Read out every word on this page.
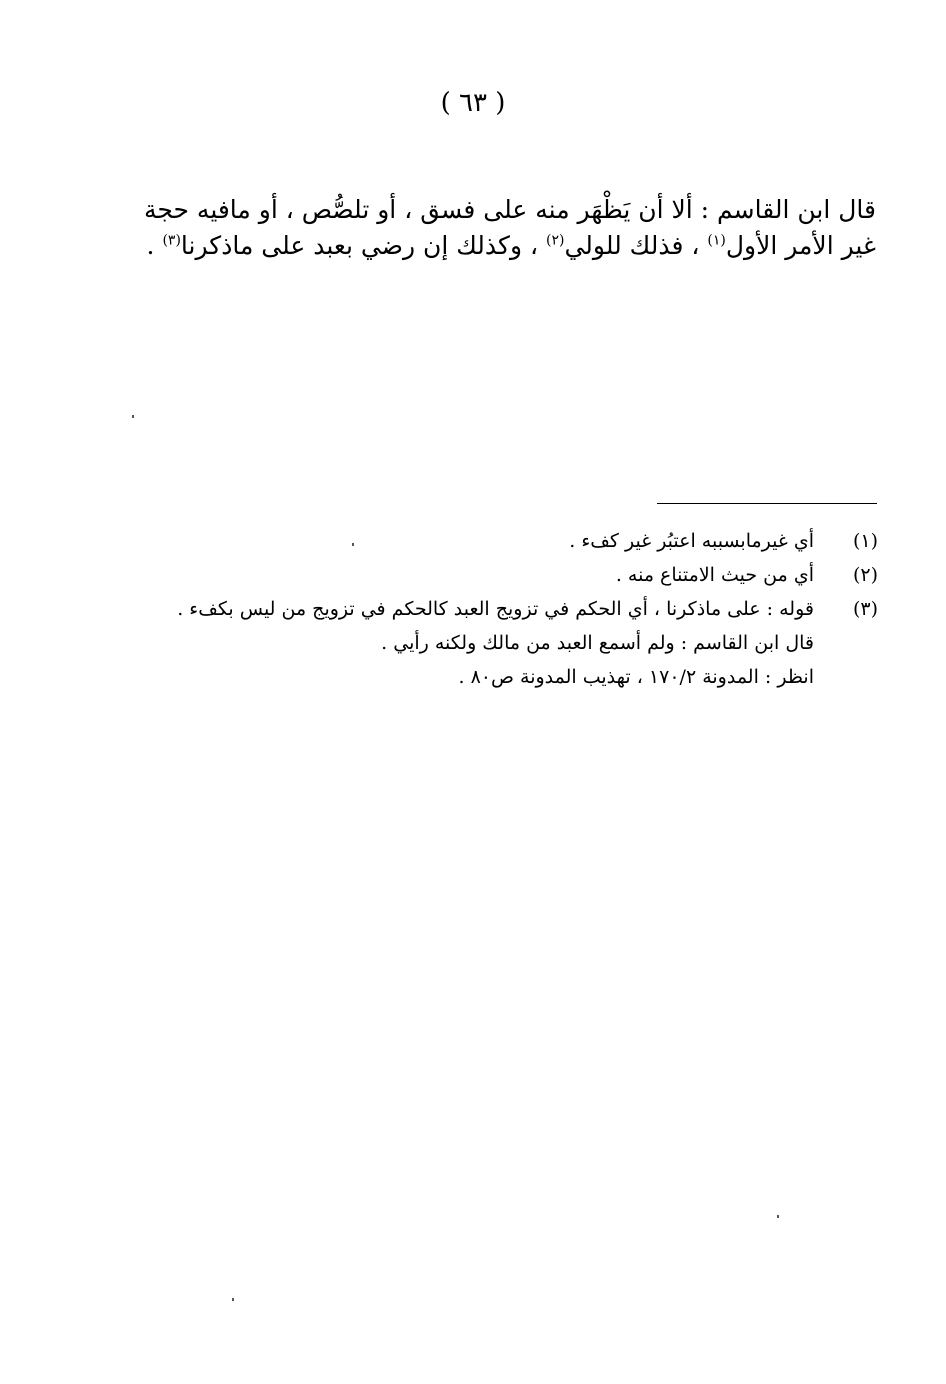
( ٦٣ )

قال ابن القاسم : ألا أن يَظْهَر منه على فسق ، أو تلصُّص ، أو مافيه حجة

غير الأمر الأول$^{(١)}$ ، فذلك للولي$^{(٢)}$ ، وكذلك إن رضي بعبد على ماذكرنا$^{(٣)}$ .

(١)
أي غيرمابسببه اعتبُر غير كفء .
(٢)
أي من حيث الامتناع منه .
(٣)
قوله : على ماذكرنا ، أي الحكم في تزويج العبد كالحكم في تزويج من ليس بكفء .
قال ابن القاسم : ولم أسمع العبد من مالك ولكنه رأيي .
انظر : المدونة ١٧٠/٢ ، تهذيب المدونة ص٨٠ .
